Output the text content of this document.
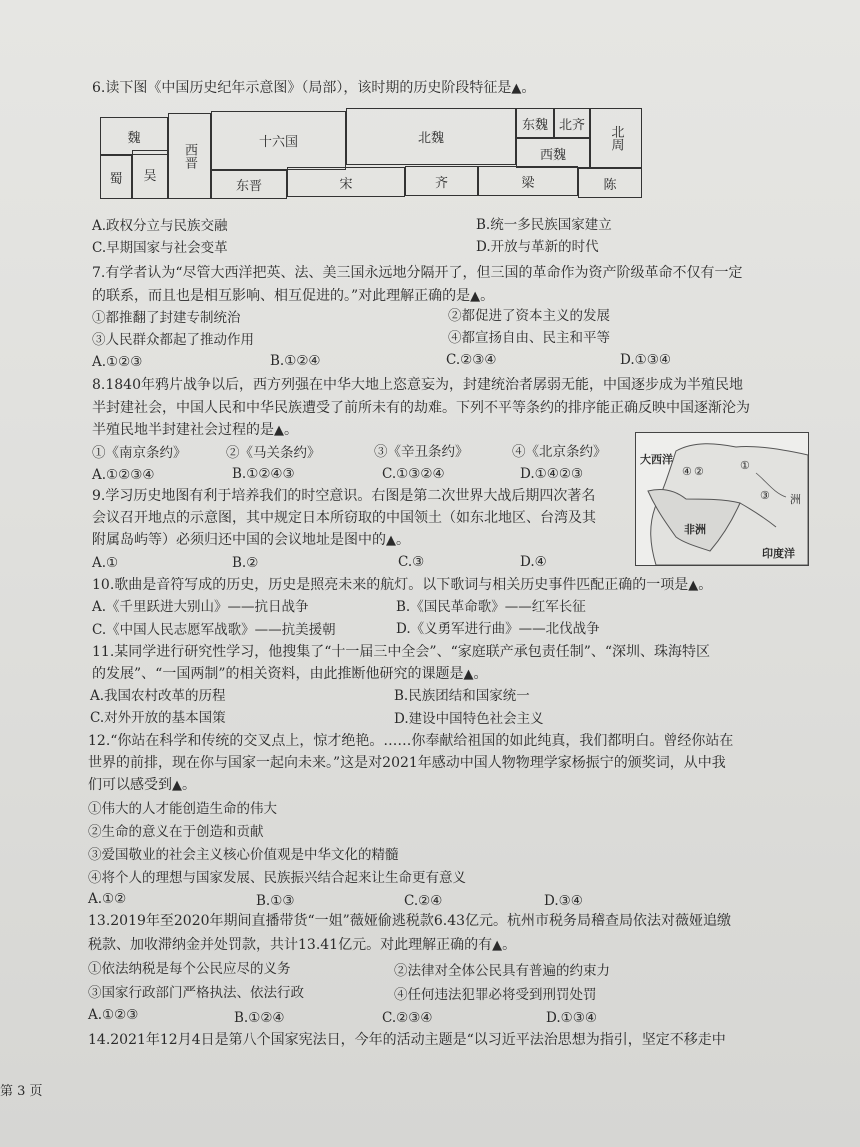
6.读下图《中国历史纪年示意图》（局部），该时期的历史阶段特征是▲。
魏
蜀	吴
西晋
十六国	北魏
东魏 北齐
西魏
北周
东晋	宋	齐	梁	陈
A.政权分立与民族交融	B.统一多民族国家建立
C.早期国家与社会变革	D.开放与革新的时代
7.有学者认为“尽管大西洋把英、法、美三国永远地分隔开了，但三国的革命作为资产阶级革命不仅有一定
的联系，而且也是相互影响、相互促进的。”对此理解正确的是▲。
①都推翻了封建专制统治	②都促进了资本主义的发展
③人民群众都起了推动作用	④都宣扬自由、民主和平等
A.①②③	B.①②④	C.②③④	D.①③④
8.1840年鸦片战争以后，西方列强在中华大地上恣意妄为，封建统治者孱弱无能，中国逐步成为半殖民地
半封建社会，中国人民和中华民族遭受了前所未有的劫难。下列不平等条约的排序能正确反映中国逐渐沦为
半殖民地半封建社会过程的是▲。
①《南京条约》	②《马关条约》	③《辛丑条约》	④《北京条约》
A.①②③④	B.①②④③	C.①③②④	D.①④②③
大西洋
非洲
印度洋
洲
①
②
③
④
9.学习历史地图有利于培养我们的时空意识。右图是第二次世界大战后期四次著名
会议召开地点的示意图，其中规定日本所窃取的中国领土（如东北地区、台湾及其
附属岛屿等）必须归还中国的会议地址是图中的▲。
A.①	B.②	C.③	D.④
10.歌曲是音符写成的历史，历史是照亮未来的航灯。以下歌词与相关历史事件匹配正确的一项是▲。
A.《千里跃进大别山》——抗日战争	B.《国民革命歌》——红军长征
C.《中国人民志愿军战歌》——抗美援朝	D.《义勇军进行曲》——北伐战争
11.某同学进行研究性学习，他搜集了“十一届三中全会”、“家庭联产承包责任制”、“深圳、珠海特区
的发展”、“一国两制”的相关资料，由此推断他研究的课题是▲。
A.我国农村改革的历程	B.民族团结和国家统一
C.对外开放的基本国策	D.建设中国特色社会主义
12.“你站在科学和传统的交叉点上，惊才绝艳。……你奉献给祖国的如此纯真，我们都明白。曾经你站在
世界的前排，现在你与国家一起向未来。”这是对2021年感动中国人物物理学家杨振宁的颁奖词，从中我
们可以感受到▲。
①伟大的人才能创造生命的伟大
②生命的意义在于创造和贡献
③爱国敬业的社会主义核心价值观是中华文化的精髓
④将个人的理想与国家发展、民族振兴结合起来让生命更有意义
A.①②	B.①③	C.②④	D.③④
13.2019年至2020年期间直播带货“一姐”薇娅偷逃税款6.43亿元。杭州市税务局稽查局依法对薇娅追缴
税款、加收滞纳金并处罚款，共计13.41亿元。对此理解正确的有▲。
①依法纳税是每个公民应尽的义务	②法律对全体公民具有普遍的约束力
③国家行政部门严格执法、依法行政	④任何违法犯罪必将受到刑罚处罚
A.①②③	B.①②④	C.②③④	D.①③④
14.2021年12月4日是第八个国家宪法日，今年的活动主题是“以习近平法治思想为指引，坚定不移走中
第 3 页
